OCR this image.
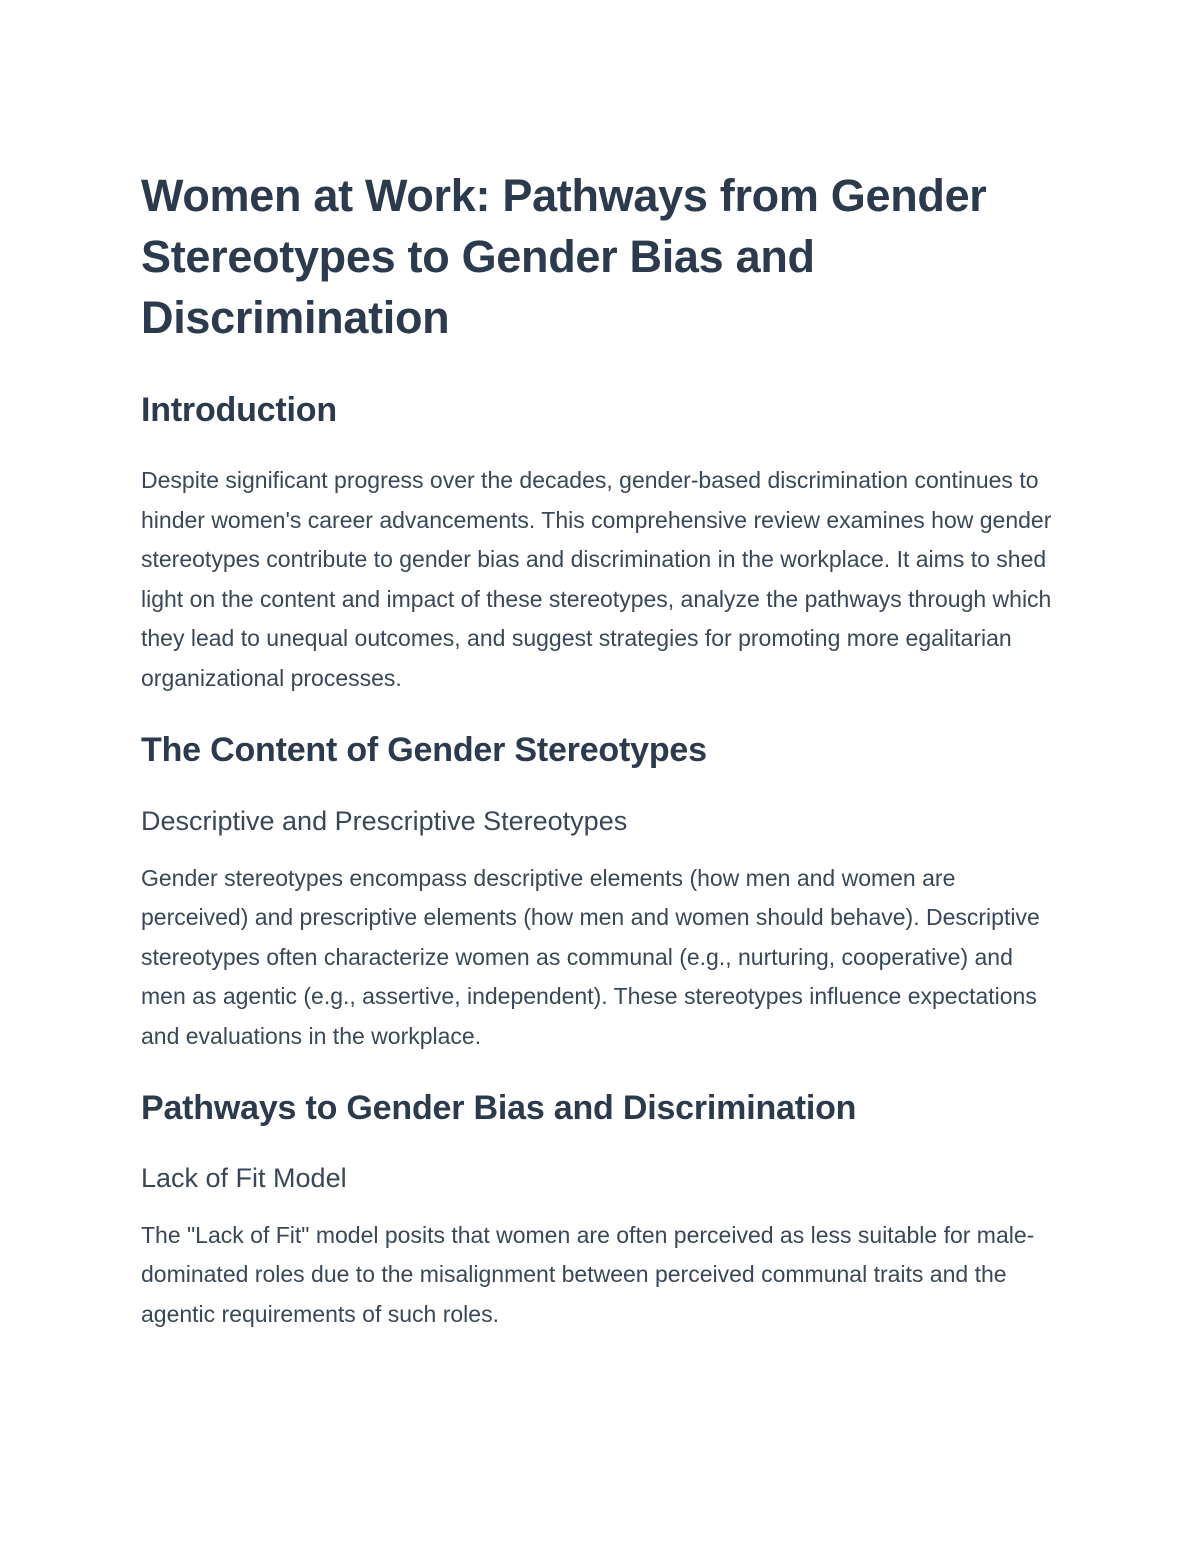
Women at Work: Pathways from Gender Stereotypes to Gender Bias and Discrimination
Introduction

Despite significant progress over the decades, gender-based discrimination continues to hinder women's career advancements. This comprehensive review examines how gender stereotypes contribute to gender bias and discrimination in the workplace. It aims to shed light on the content and impact of these stereotypes, analyze the pathways through which they lead to unequal outcomes, and suggest strategies for promoting more egalitarian organizational processes.

The Content of Gender Stereotypes
Descriptive and Prescriptive Stereotypes

Gender stereotypes encompass descriptive elements (how men and women are perceived) and prescriptive elements (how men and women should behave). Descriptive stereotypes often characterize women as communal (e.g., nurturing, cooperative) and men as agentic (e.g., assertive, independent). These stereotypes influence expectations and evaluations in the workplace.

Pathways to Gender Bias and Discrimination
Lack of Fit Model

The "Lack of Fit" model posits that women are often perceived as less suitable for male-dominated roles due to the misalignment between perceived communal traits and the agentic requirements of such roles.
